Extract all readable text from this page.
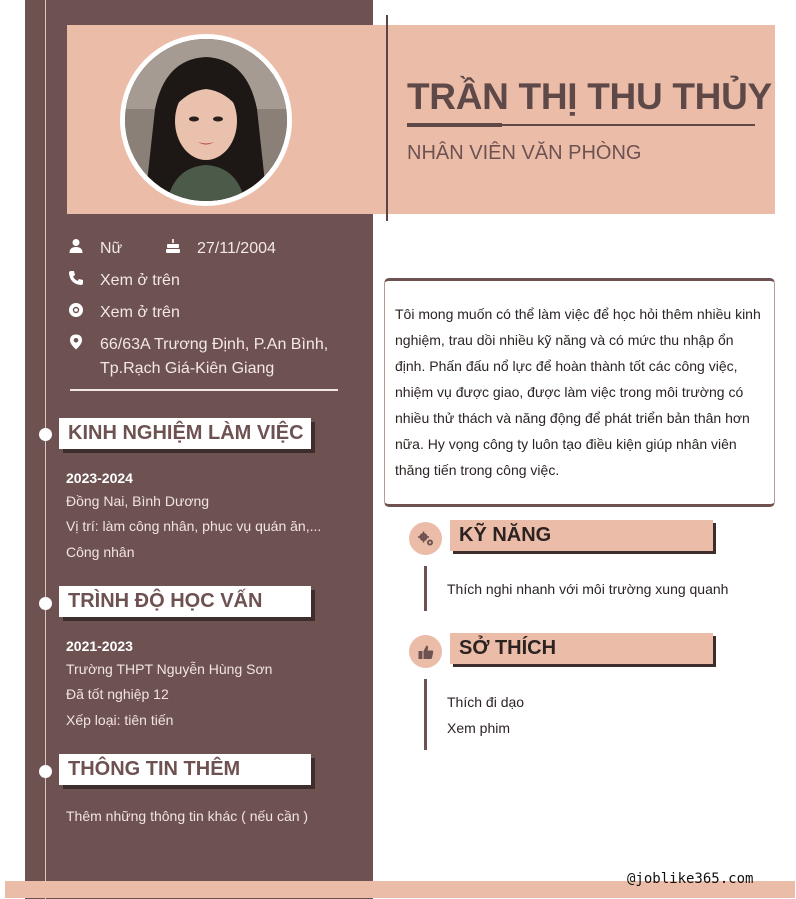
TRẦN THỊ THU THỦY
NHÂN VIÊN VĂN PHÒNG
Nữ	27/11/2004
Xem ở trên
Xem ở trên
66/63A Trương Định, P.An Bình,
Tp.Rạch Giá-Kiên Giang
KINH NGHIỆM LÀM VIỆC
2023-2024
Đồng Nai, Bình Dương
Vị trí: làm công nhân, phục vụ quán ăn,...
Công nhân
TRÌNH ĐỘ HỌC VẤN
2021-2023
Trường THPT Nguyễn Hùng Sơn
Đã tốt nghiệp 12
Xếp loại: tiên tiến
THÔNG TIN THÊM
Thêm những thông tin khác ( nếu cần )

Tôi mong muốn có thể làm việc để học hỏi thêm nhiều kinh nghiệm, trau dồi nhiều kỹ năng và có mức thu nhập ổn định. Phấn đấu nổ lực để hoàn thành tốt các công việc, nhiệm vụ được giao, được làm việc trong môi trường có nhiều thử thách và năng động để phát triển bản thân hơn nữa. Hy vọng công ty luôn tạo điều kiện giúp nhân viên thăng tiến trong công việc.

KỸ NĂNG
Thích nghi nhanh với môi trường xung quanh
SỞ THÍCH
Thích đi dạo
Xem phim
@joblike365.com
